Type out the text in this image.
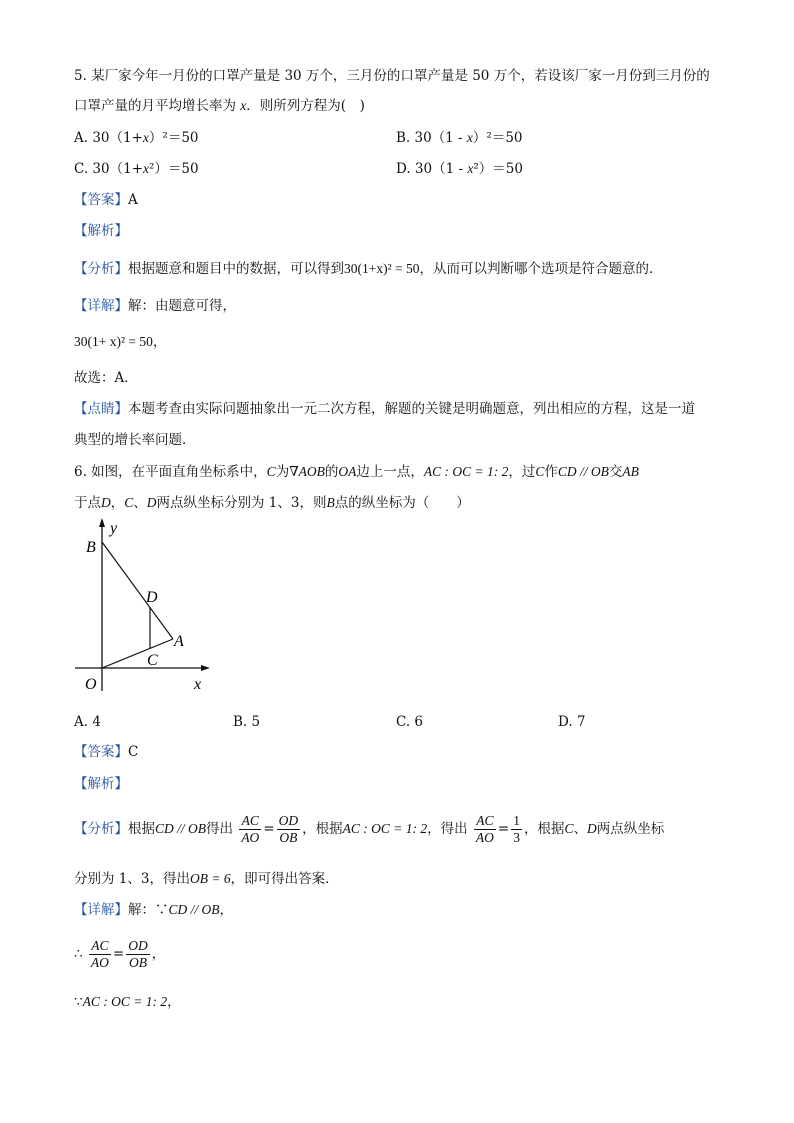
5. 某厂家今年一月份的口罩产量是 30 万个，三月份的口罩产量是 50 万个，若设该厂家一月份到三月份的
口罩产量的月平均增长率为 x．则所列方程为(　)
A. 30（1+x）²＝50	B. 30（1 - x）²＝50
C. 30（1+x²）＝50	D. 30（1 - x²）＝50
【答案】A
【解析】
【分析】根据题意和题目中的数据，可以得到30(1+x)² = 50，从而可以判断哪个选项是符合题意的．
【详解】解：由题意可得，
30(1+ x)² = 50，
故选：A．
【点睛】本题考查由实际问题抽象出一元二次方程，解题的关键是明确题意，列出相应的方程，这是一道
典型的增长率问题．
6. 如图，在平面直角坐标系中，C为∇AOB的OA边上一点，AC : OC = 1: 2，过C作CD // OB交AB
于点D，C、D两点纵坐标分别为 1、3，则B点的纵坐标为（　　）
y
B
D
A
C
O	x
A. 4	B. 5	C. 6	D. 7
【答案】C
【解析】
【分析】根据CD // OB得出 $\frac{AC}{AO} = \frac{OD}{OB}$ ，根据AC : OC = 1: 2，得出 $\frac{AC}{AO} = \frac{1}{3}$ ，根据C、D两点纵坐标
分别为 1、3，得出OB = 6，即可得出答案．
【详解】解：∵CD // OB，
∴ $\frac{AC}{AO} = \frac{OD}{OB}$ ，
∵AC : OC = 1: 2，
